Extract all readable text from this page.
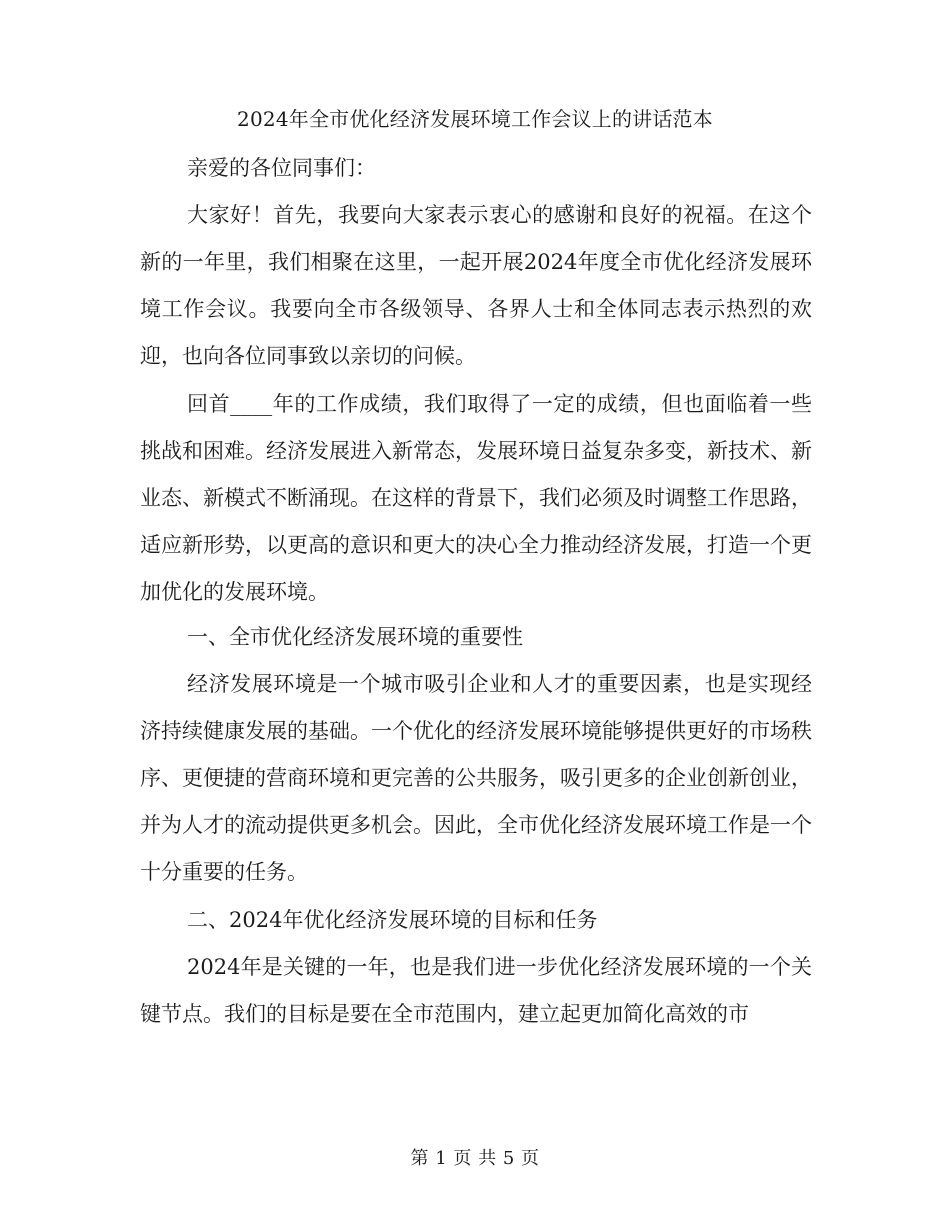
2024年全市优化经济发展环境工作会议上的讲话范本

亲爱的各位同事们：

大家好！首先，我要向大家表示衷心的感谢和良好的祝福。在这个新的一年里，我们相聚在这里，一起开展2024年度全市优化经济发展环境工作会议。我要向全市各级领导、各界人士和全体同志表示热烈的欢迎，也向各位同事致以亲切的问候。

回首____年的工作成绩，我们取得了一定的成绩，但也面临着一些挑战和困难。经济发展进入新常态，发展环境日益复杂多变，新技术、新业态、新模式不断涌现。在这样的背景下，我们必须及时调整工作思路，适应新形势，以更高的意识和更大的决心全力推动经济发展，打造一个更加优化的发展环境。

一、全市优化经济发展环境的重要性

经济发展环境是一个城市吸引企业和人才的重要因素，也是实现经济持续健康发展的基础。一个优化的经济发展环境能够提供更好的市场秩序、更便捷的营商环境和更完善的公共服务，吸引更多的企业创新创业，并为人才的流动提供更多机会。因此，全市优化经济发展环境工作是一个十分重要的任务。

二、2024年优化经济发展环境的目标和任务

2024年是关键的一年，也是我们进一步优化经济发展环境的一个关键节点。我们的目标是要在全市范围内，建立起更加简化高效的市

第 1 页 共 5 页
